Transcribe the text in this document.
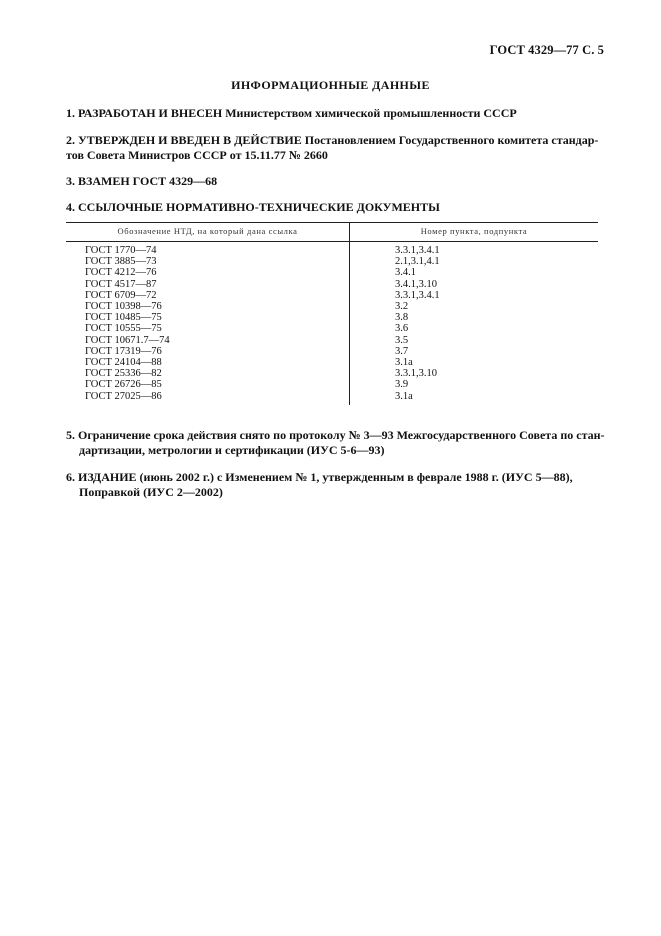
ГОСТ 4329—77 С. 5
ИНФОРМАЦИОННЫЕ ДАННЫЕ
1. РАЗРАБОТАН И ВНЕСЕН Министерством химической промышленности СССР
2. УТВЕРЖДЕН И ВВЕДЕН В ДЕЙСТВИЕ Постановлением Государственного комитета стандар-
тов Совета Министров СССР от 15.11.77 № 2660
3. ВЗАМЕН ГОСТ 4329—68
4. ССЫЛОЧНЫЕ НОРМАТИВНО-ТЕХНИЧЕСКИЕ ДОКУМЕНТЫ
Обозначение НТД, на который дана ссылка	Номер пункта, подпункта
ГОСТ 1770—74	3.3.1,3.4.1
ГОСТ 3885—73	2.1,3.1,4.1
ГОСТ 4212—76	3.4.1
ГОСТ 4517—87	3.4.1,3.10
ГОСТ 6709—72	3.3.1,3.4.1
ГОСТ 10398—76	3.2
ГОСТ 10485—75	3.8
ГОСТ 10555—75	3.6
ГОСТ 10671.7—74	3.5
ГОСТ 17319—76	3.7
ГОСТ 24104—88	3.1а
ГОСТ 25336—82	3.3.1,3.10
ГОСТ 26726—85	3.9
ГОСТ 27025—86	3.1а
5. Ограничение срока действия снято по протоколу № 3—93 Межгосударственного Совета по стан-
дартизации, метрологии и сертификации (ИУС 5-6—93)
6. ИЗДАНИЕ (июнь 2002 г.) с Изменением № 1, утвержденным в феврале 1988 г. (ИУС 5—88),
Поправкой (ИУС 2—2002)
